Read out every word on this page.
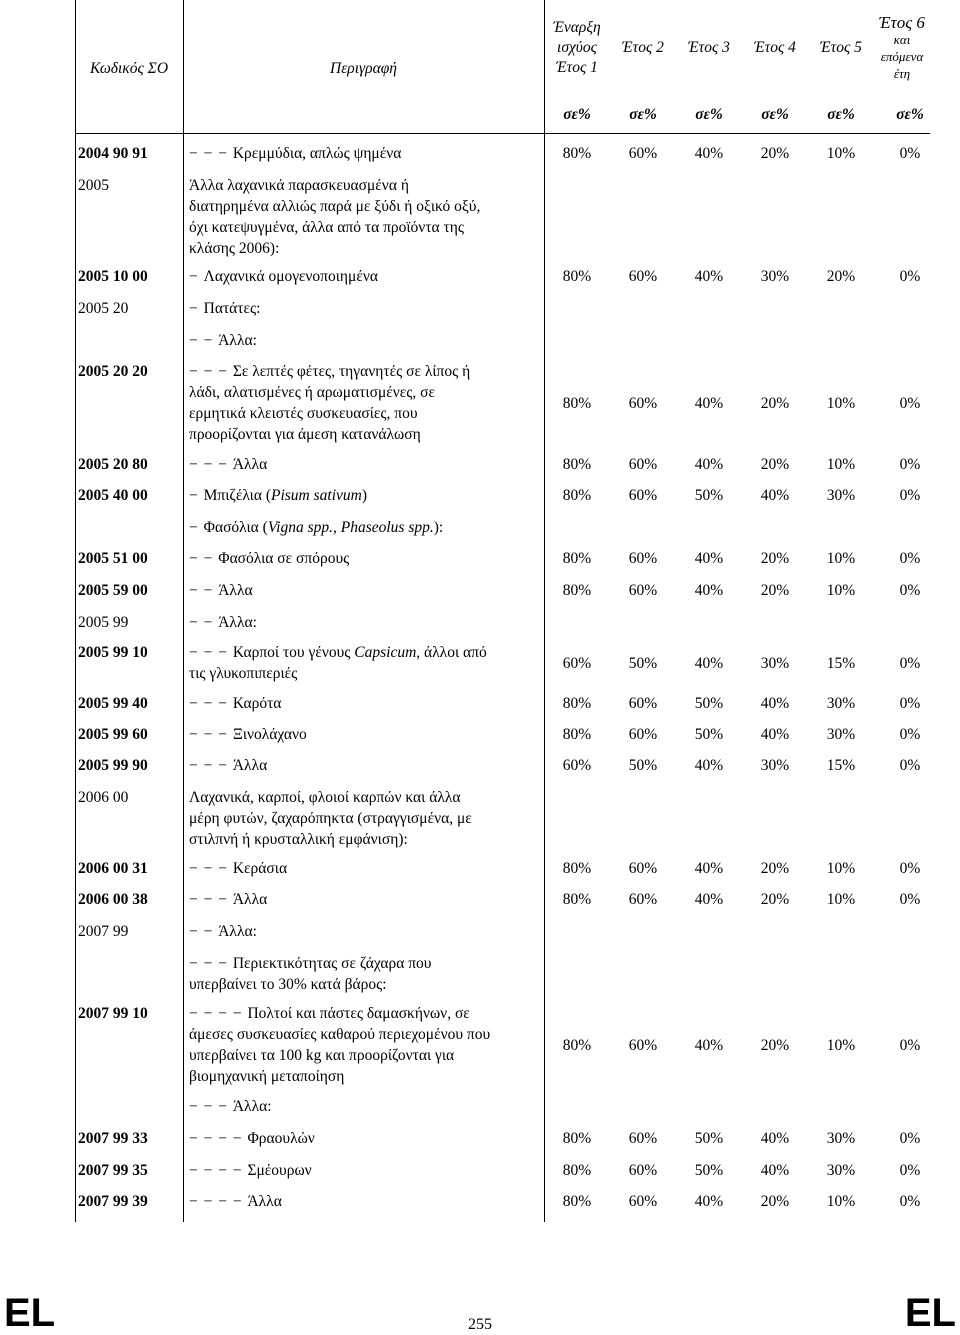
Κωδικός ΣΟ	Περιγραφή
Έναρξη
ισχύος
Έτος 1
Έτος 2	Έτος 3	Έτος 4	Έτος 5
Έτος 6
και
επόμενα
έτη
σε%	σε%	σε%	σε%	σε%	σε%
2004 90 91	− − − Κρεμμύδια, απλώς ψημένα	80%	60%	40%	20%	10%	0%
2005	Άλλα λαχανικά παρασκευασμένα ή
διατηρημένα αλλιώς παρά με ξύδι ή οξικό οξύ,
όχι κατεψυγμένα, άλλα από τα προϊόντα της
κλάσης 2006):
2005 10 00	− Λαχανικά ομογενοποιημένα	80%	60%	40%	30%	20%	0%
2005 20	− Πατάτες:
− − Άλλα:
2005 20 20	− − − Σε λεπτές φέτες, τηγανητές σε λίπος ή
λάδι, αλατισμένες ή αρωματισμένες, σε
ερμητικά κλειστές συσκευασίες, που
προορίζονται για άμεση κατανάλωση
80%	60%	40%	20%	10%	0%
2005 20 80	− − − Άλλα	80%	60%	40%	20%	10%	0%
2005 40 00	− Μπιζέλια (Pisum sativum)	80%	60%	50%	40%	30%	0%
− Φασόλια (Vigna spp., Phaseolus spp.):
2005 51 00	− − Φασόλια σε σπόρους	80%	60%	40%	20%	10%	0%
2005 59 00	− − Άλλα	80%	60%	40%	20%	10%	0%
2005 99	− − Άλλα:
2005 99 10	− − − Καρποί του γένους Capsicum, άλλοι από
τις γλυκοπιπεριές
60%	50%	40%	30%	15%	0%
2005 99 40	− − − Καρότα	80%	60%	50%	40%	30%	0%
2005 99 60	− − − Ξινολάχανο	80%	60%	50%	40%	30%	0%
2005 99 90	− − − Άλλα	60%	50%	40%	30%	15%	0%
2006 00	Λαχανικά, καρποί, φλοιοί καρπών και άλλα
μέρη φυτών, ζαχαρόπηκτα (στραγγισμένα, με
στιλπνή ή κρυσταλλική εμφάνιση):
2006 00 31	− − − Κεράσια	80%	60%	40%	20%	10%	0%
2006 00 38	− − − Άλλα	80%	60%	40%	20%	10%	0%
2007 99	− − Άλλα:
− − − Περιεκτικότητας σε ζάχαρα που
υπερβαίνει το 30% κατά βάρος:
2007 99 10	− − − − Πολτοί και πάστες δαμασκήνων, σε
άμεσες συσκευασίες καθαρού περιεχομένου που
υπερβαίνει τα 100 kg και προορίζονται για
βιομηχανική μεταποίηση
80%	60%	40%	20%	10%	0%
− − − Άλλα:
2007 99 33	− − − − Φραουλών	80%	60%	50%	40%	30%	0%
2007 99 35	− − − − Σμέουρων	80%	60%	50%	40%	30%	0%
2007 99 39	− − − − Άλλα	80%	60%	40%	20%	10%	0%
EL	EL
255
